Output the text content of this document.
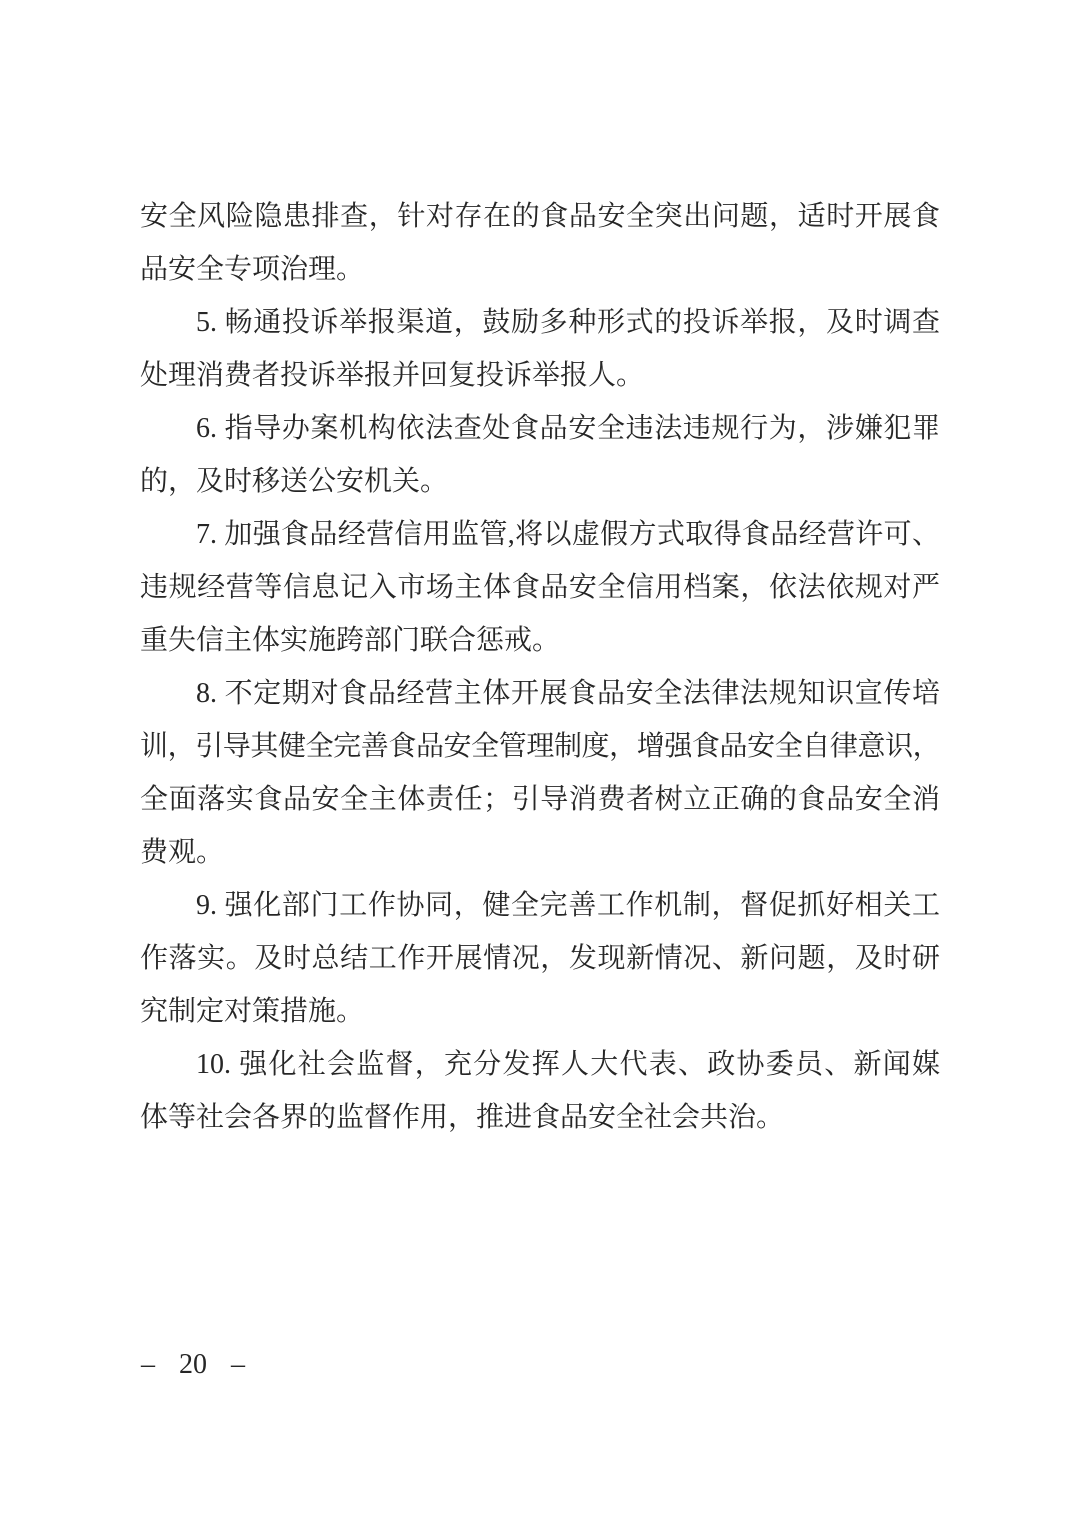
安全风险隐患排查，针对存在的食品安全突出问题，适时开展食
品安全专项治理。
5. 畅通投诉举报渠道，鼓励多种形式的投诉举报，及时调查
处理消费者投诉举报并回复投诉举报人。
6. 指导办案机构依法查处食品安全违法违规行为，涉嫌犯罪
的，及时移送公安机关。
7. 加强食品经营信用监管,将以虚假方式取得食品经营许可、
违规经营等信息记入市场主体食品安全信用档案，依法依规对严
重失信主体实施跨部门联合惩戒。
8. 不定期对食品经营主体开展食品安全法律法规知识宣传培
训，引导其健全完善食品安全管理制度，增强食品安全自律意识，
全面落实食品安全主体责任；引导消费者树立正确的食品安全消
费观。
9. 强化部门工作协同，健全完善工作机制，督促抓好相关工
作落实。及时总结工作开展情况，发现新情况、新问题，及时研
究制定对策措施。
10. 强化社会监督，充分发挥人大代表、政协委员、新闻媒
体等社会各界的监督作用，推进食品安全社会共治。
– 20 –
